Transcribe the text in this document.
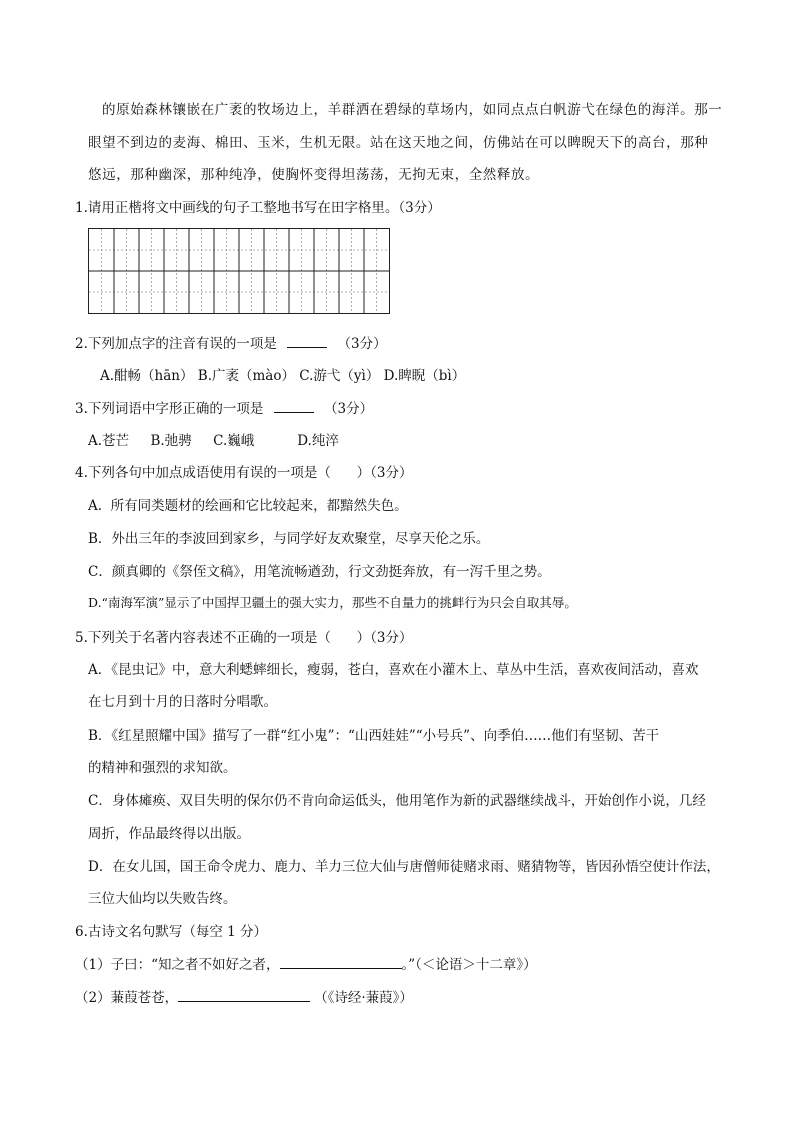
的原始森林镶嵌在广袤的牧场边上，羊群洒在碧绿的草场内，如同点点白帆游弋在绿色的海洋。那一
眼望不到边的麦海、棉田、玉米，生机无限。站在这天地之间，仿佛站在可以睥睨天下的高台，那种
悠远，那种幽深，那种纯净，使胸怀变得坦荡荡，无拘无束，全然释放。
1.请用正楷将文中画线的句子工整地书写在田字格里。（3分）
2.下列加点字的注音有误的一项是	（3分）
A.酣畅（hān） B.广袤（mào） C.游弋（yì） D.睥睨（bì）
3.下列词语中字形正确的一项是	（3分）
A.苍芒     B.弛骋     C.巍峨          D.纯淬
4.下列各句中加点成语使用有误的一项是（      ）（3分）
A.  所有同类题材的绘画和它比较起来，都黯然失色。
B．外出三年的李波回到家乡，与同学好友欢聚堂，尽享天伦之乐。
C．颜真卿的《祭侄文稿》，用笔流畅遒劲，行文劲挺奔放，有一泻千里之势。
D.“南海军演”显示了中国捍卫疆土的强大实力，那些不自量力的挑衅行为只会自取其辱。
5.下列关于名著内容表述不正确的一项是（      ）（3分）
A．《昆虫记》中，意大利蟋蟀细长，瘦弱，苍白，喜欢在小灌木上、草丛中生活，喜欢夜间活动，喜欢
在七月到十月的日落时分唱歌。
B．《红星照耀中国》描写了一群“红小鬼”：“山西娃娃”“小号兵”、向季伯……他们有坚韧、苦干
的精神和强烈的求知欲。
C．身体瘫痪、双目失明的保尔仍不肯向命运低头，他用笔作为新的武器继续战斗，开始创作小说，几经
周折，作品最终得以出版。
D．在女儿国，国王命令虎力、鹿力、羊力三位大仙与唐僧师徒赌求雨、赌猜物等，皆因孙悟空使计作法，
三位大仙均以失败告终。
6.古诗文名句默写（每空 1 分）
（1）子曰：“知之者不如好之者，	。”（＜论语＞十二章》）
（2）蒹葭苍苍，	（《诗经·蒹葭》）
